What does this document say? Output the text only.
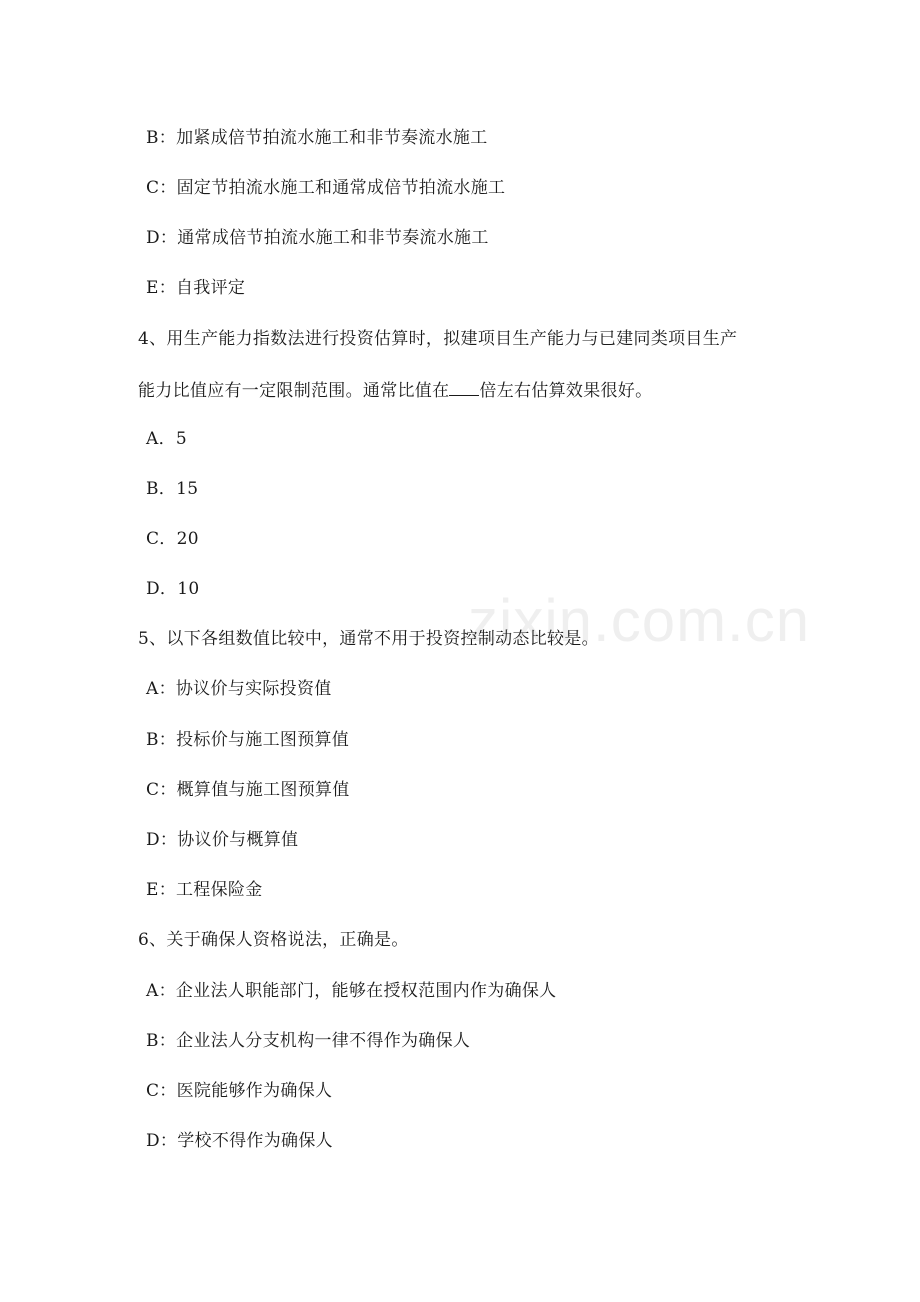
B：加紧成倍节拍流水施工和非节奏流水施工
C：固定节拍流水施工和通常成倍节拍流水施工
D：通常成倍节拍流水施工和非节奏流水施工
E：自我评定
4、用生产能力指数法进行投资估算时，拟建项目生产能力与已建同类项目生产
能力比值应有一定限制范围。通常比值在 倍左右估算效果很好。
A．5
B．15
C．20
D．10
5、以下各组数值比较中，通常不用于投资控制动态比较是。
A：协议价与实际投资值
B：投标价与施工图预算值
C：概算值与施工图预算值
D：协议价与概算值
E：工程保险金
6、关于确保人资格说法，正确是。
A：企业法人职能部门，能够在授权范围内作为确保人
B：企业法人分支机构一律不得作为确保人
C：医院能够作为确保人
D：学校不得作为确保人
zixin.com.cn
